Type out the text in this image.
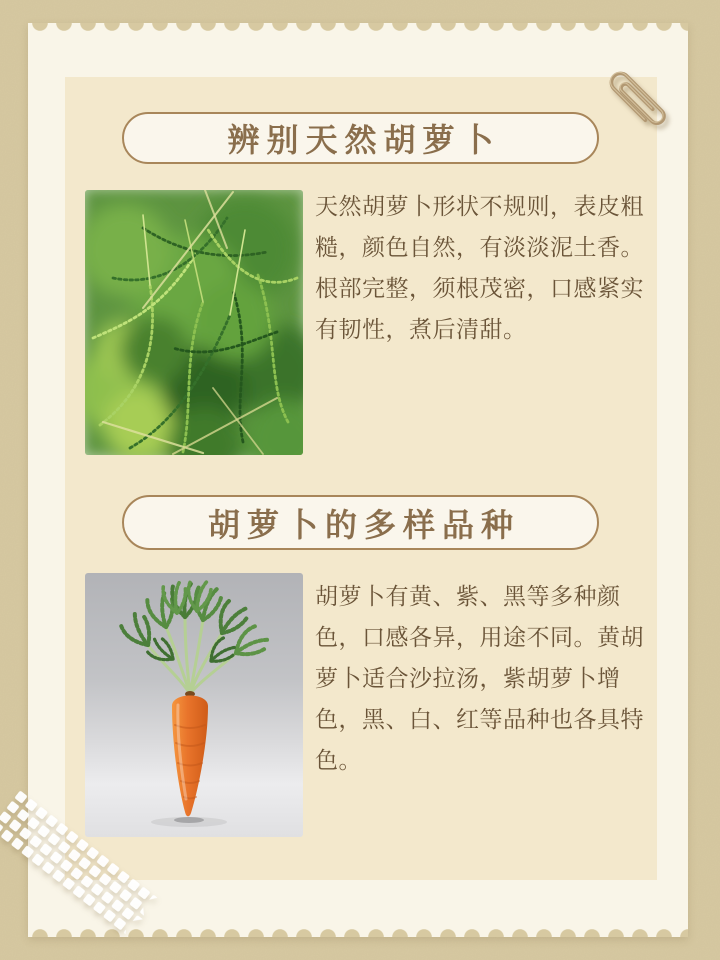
辨别天然胡萝卜
天然胡萝卜形状不规则，表皮粗
糙，颜色自然，有淡淡泥土香。
根部完整，须根茂密，口感紧实
有韧性，煮后清甜。
胡萝卜的多样品种
胡萝卜有黄、紫、黑等多种颜
色，口感各异，用途不同。黄胡
萝卜适合沙拉汤，紫胡萝卜增
色，黑、白、红等品种也各具特
色。
